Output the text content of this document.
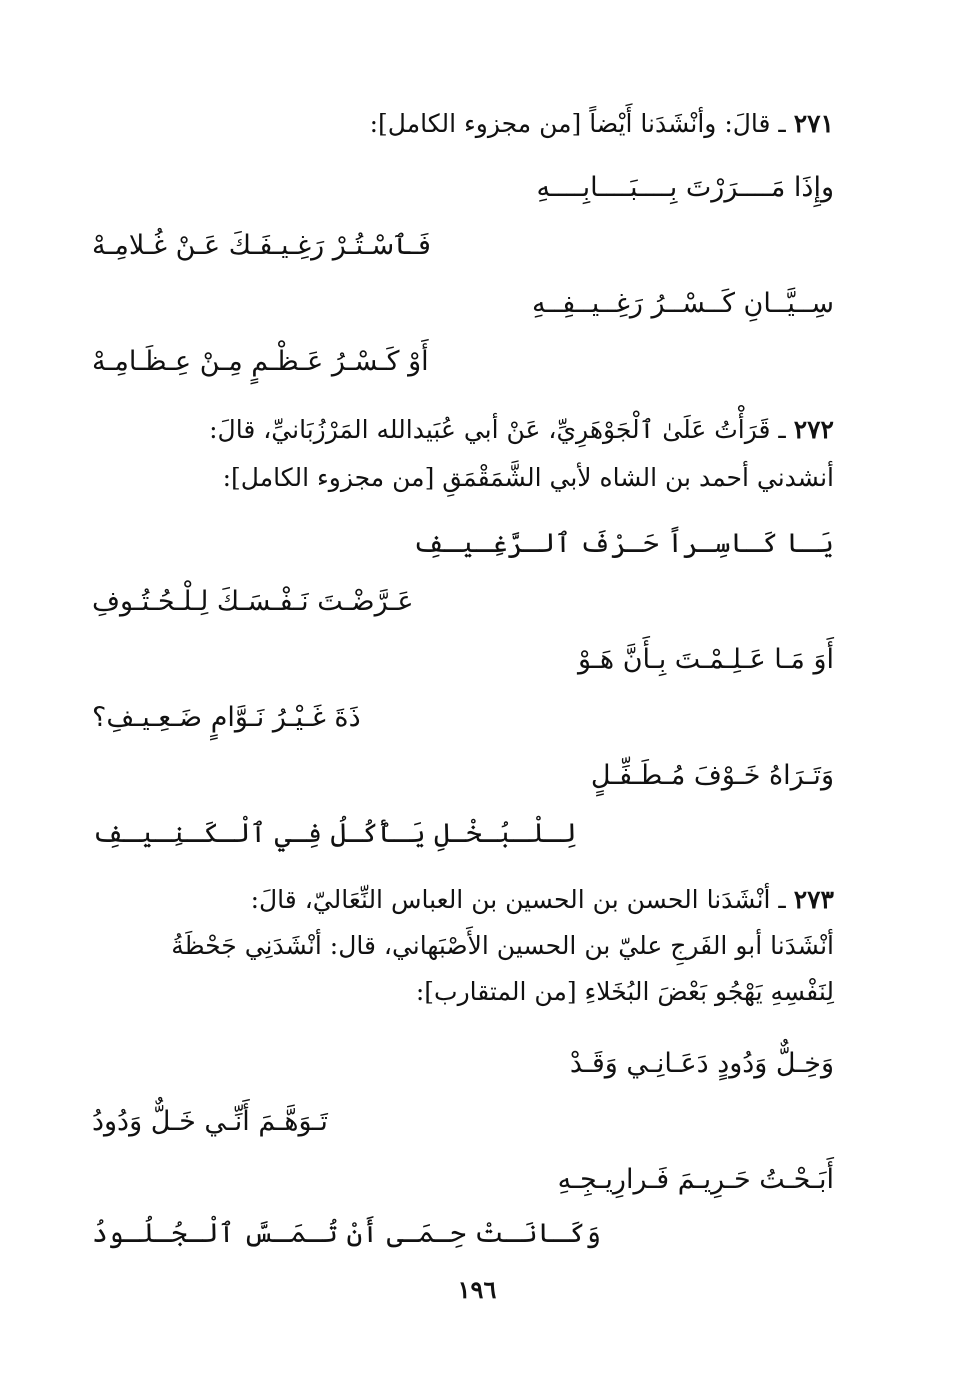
٢٧١ ـ قالَ: وأنْشَدَنا أَيْضاً [من مجزوء الكامل]:
وإِذَا مَــــرَرْتَ بِــــبَــــابِــــهِ
فَـٱسْـتُـرْ رَغِـيـفَـكَ عَـنْ غُـلامِـهْ
سِــيَّــانِ كَــسْــرُ رَغِــيــفِــهِ
أَوْ كَـسْـرُ عَـظْـمٍ مِـنْ عِـظَـامِـهْ
٢٧٢ ـ قَرَأْتُ عَلَىٰ ٱلْجَوْهَرِيِّ، عَنْ أبي عُبَيدالله المَرْزُبَانيِّ، قالَ:
أنشدني أحمد بن الشاه لأبي الشَّمَقْمَقِ [من مجزوء الكامل]:
يَـا كَـاسِـراً حَـرْفَ ٱلـرَّغِـيـفِ
عَـرَّضْـتَ نَـفْـسَـكَ لِـلْـحُـتُـوفِ
أَوَ مَـا عَـلِـمْـتَ بِـأَنَّ هَـوْ
ذَةَ غَـيْـرُ نَـوَّامٍ ضَـعِـيـفِ؟
وَتَـرَاهُ خَـوْفَ مُـطَـفِّـلٍ
لِـلْـبُـخْـلِ يَـأْكُـلُ فِـي ٱلْـكَـنِـيـفِ
٢٧٣ ـ أنْشَدَنا الحسن بن الحسين بن العباس النِّعَاليّ، قالَ:
أنْشَدَنا أبو الفَرجِ عليّ بن الحسين الأَصْبَهاني، قال: أنْشَدَنِي جَحْظَةُ
لِنَفْسِهِ يَهْجُو بَعْضَ البُخَلاءِ [من المتقارب]:
وَخِـلٌّ وَدُودٍ دَعَـانِـي وَقَـدْ
تَـوَهَّـمَ أَنِّـي خَـلٌّ وَدُودُ
أَبَـحْـتُ حَـرِيـمَ فَـرارِيـجِـهِ
وَكَـانَـتْ حِـمَـى أَنْ تُـمَـسَّ ٱلْـجُـلُـودُ
١٩٦
